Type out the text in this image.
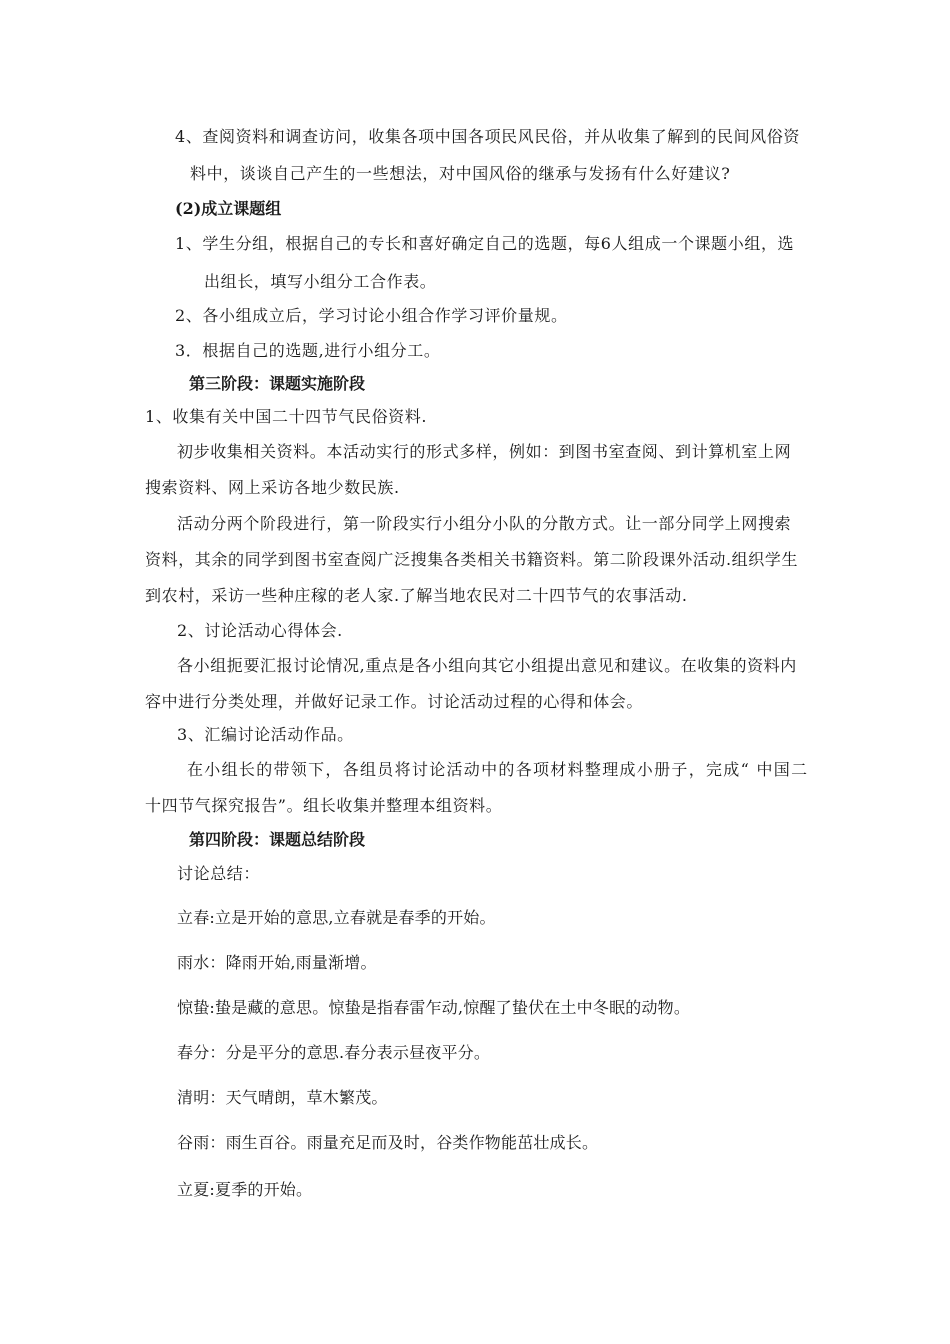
4、查阅资料和调查访问，收集各项中国各项民风民俗，并从收集了解到的民间风俗资
料中，谈谈自己产生的一些想法，对中国风俗的继承与发扬有什么好建议?
(2)成立课题组
1、学生分组，根据自己的专长和喜好确定自己的选题，每6人组成一个课题小组，选
出组长，填写小组分工合作表。
2、各小组成立后，学习讨论小组合作学习评价量规。
3．根据自己的选题,进行小组分工。
第三阶段：课题实施阶段
1、收集有关中国二十四节气民俗资料.
初步收集相关资料。本活动实行的形式多样，例如：到图书室查阅、到计算机室上网
搜索资料、网上采访各地少数民族.
活动分两个阶段进行，第一阶段实行小组分小队的分散方式。让一部分同学上网搜索
资料，其余的同学到图书室查阅广泛搜集各类相关书籍资料。第二阶段课外活动.组织学生
到农村，采访一些种庄稼的老人家.了解当地农民对二十四节气的农事活动.
2、讨论活动心得体会.
各小组扼要汇报讨论情况,重点是各小组向其它小组提出意见和建议。在收集的资料内
容中进行分类处理，并做好记录工作。讨论活动过程的心得和体会。
3、汇编讨论活动作品。
在小组长的带领下，各组员将讨论活动中的各项材料整理成小册子，完成“ 中国二
十四节气探究报告”。组长收集并整理本组资料。
第四阶段：课题总结阶段
讨论总结：
立春:立是开始的意思,立春就是春季的开始。
雨水：降雨开始,雨量渐增。
惊蛰:蛰是藏的意思。惊蛰是指春雷乍动,惊醒了蛰伏在土中冬眠的动物。
春分：分是平分的意思.春分表示昼夜平分。
清明：天气晴朗，草木繁茂。
谷雨：雨生百谷。雨量充足而及时，谷类作物能茁壮成长。
立夏:夏季的开始。
